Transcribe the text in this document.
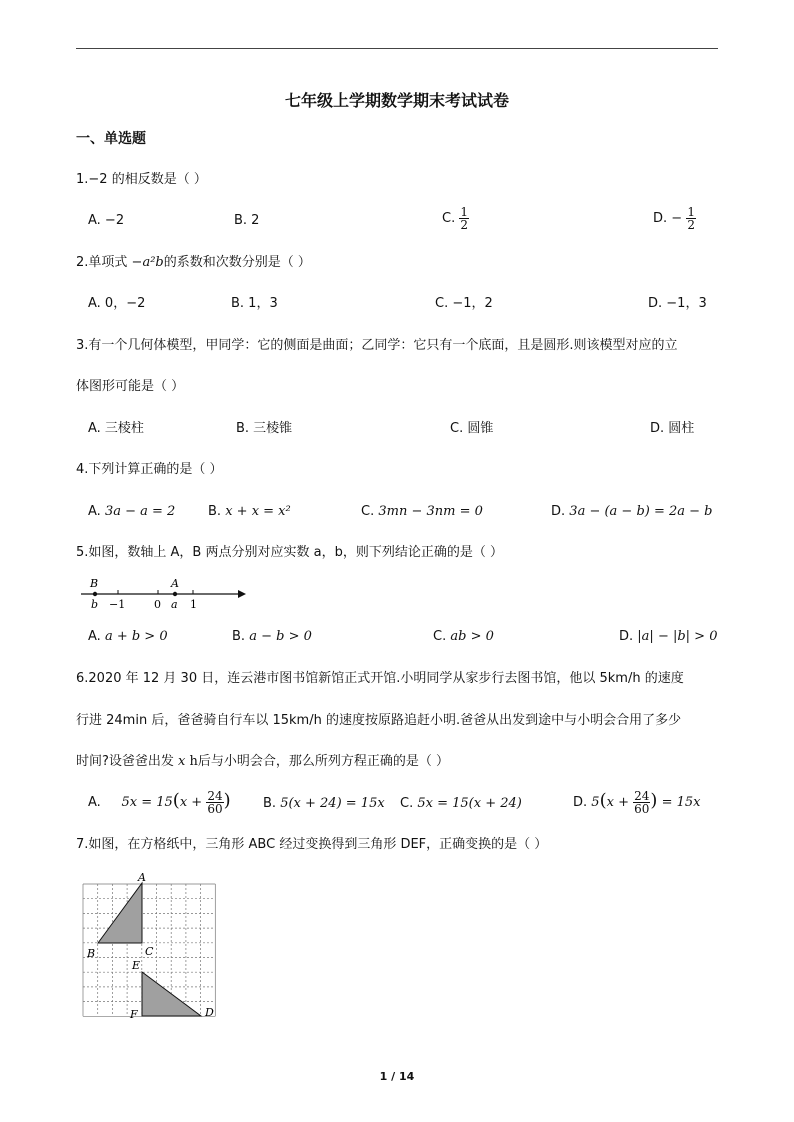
七年级上学期数学期末考试试卷
一、单选题
1.−2 的相反数是（ ）
A. −2	B. 2	C. $\frac{1}{2}$	D. − $\frac{1}{2}$
2.单项式 −a²b的系数和次数分别是（ ）
A. 0，−2	B. 1，3	C. −1，2	D. −1，3
3.有一个几何体模型，甲同学：它的侧面是曲面；乙同学：它只有一个底面，且是圆形.则该模型对应的立
体图形可能是（ ）
A. 三棱柱	B. 三棱锥	C. 圆锥	D. 圆柱
4.下列计算正确的是（ ）
A. 3a − a = 2	B. x + x = x²	C. 3mn − 3nm = 0	D. 3a − (a − b) = 2a − b
5.如图，数轴上 A，B 两点分别对应实数 a，b，则下列结论正确的是（ ）
B	A
b −1	0 a 1
A. a + b > 0	B. a − b > 0	C. ab > 0	D. |a| − |b| > 0
6.2020 年 12 月 30 日，连云港市图书馆新馆正式开馆.小明同学从家步行去图书馆，他以 5km/h 的速度
行进 24min 后，爸爸骑自行车以 15km/h 的速度按原路追赶小明.爸爸从出发到途中与小明会合用了多少
时间?设爸爸出发 x h后与小明会合，那么所列方程正确的是（ ）
A. $5x = 15(x + \frac{24}{60}$ ) B. 5(x + 24) = 15x C. 5x = 15(x + 24)	D. $5(x + \frac{24}{60}$ ) = 15x
7.如图，在方格纸中，三角形 ABC 经过变换得到三角形 DEF，正确变换的是（ ）
A
B	C
E
F	D
1 / 14
